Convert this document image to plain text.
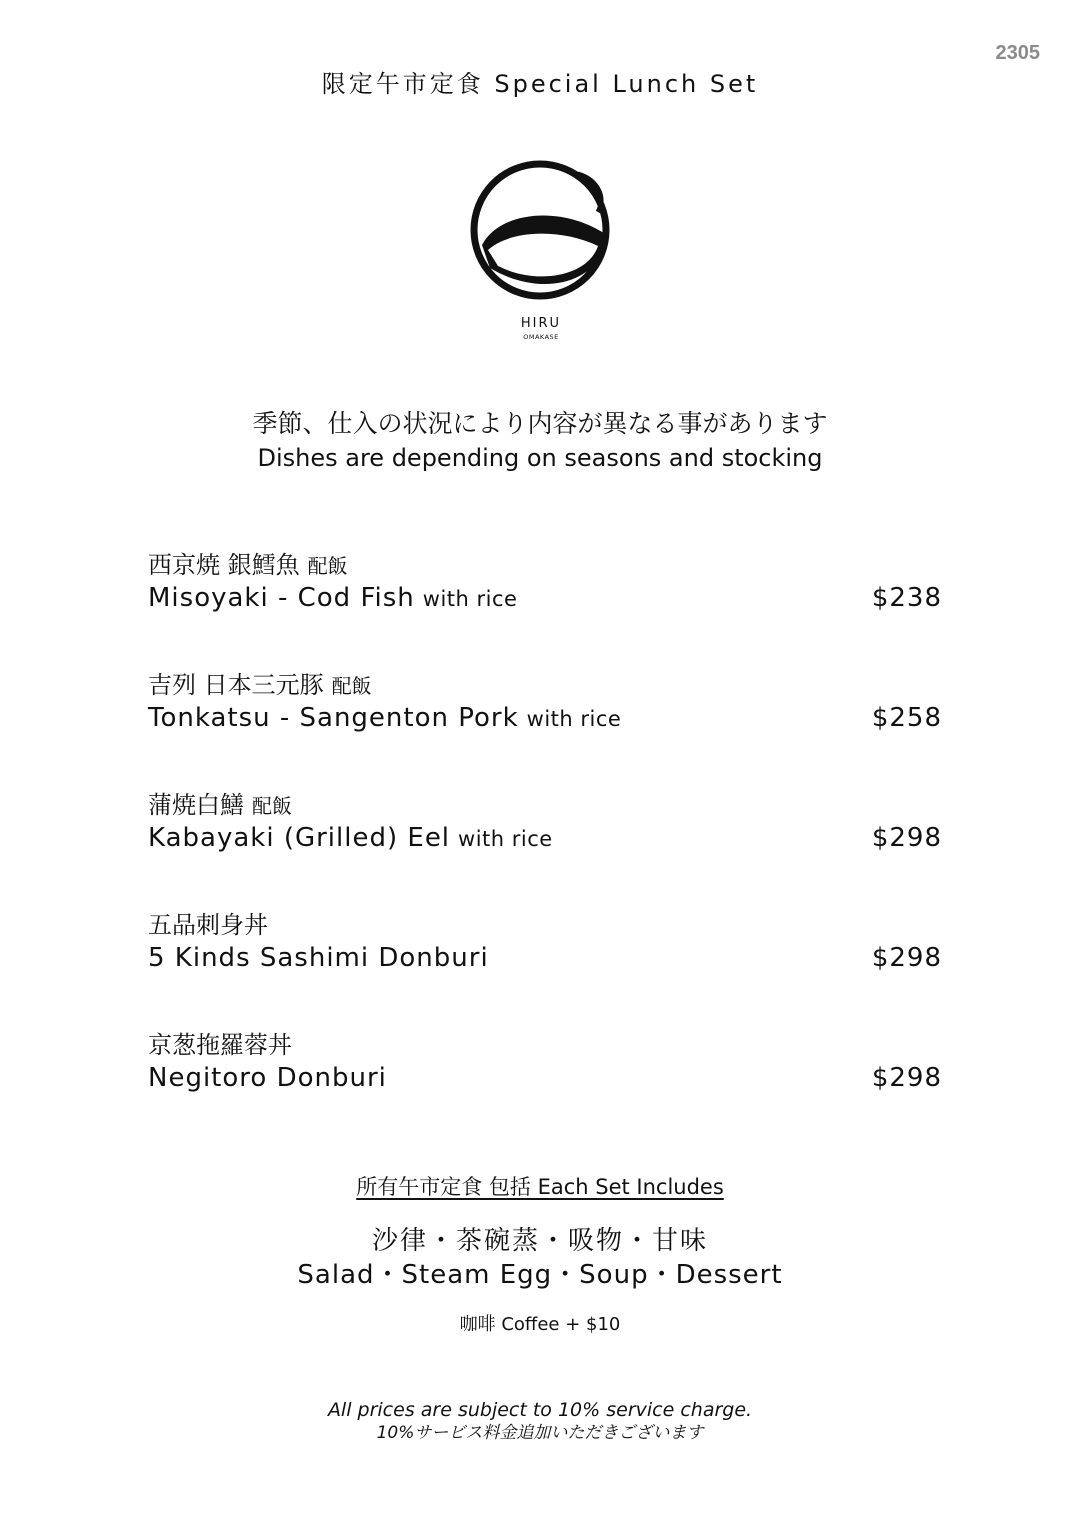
2305
限定午市定食 Special Lunch Set
HIRU
OMAKASE
季節、仕入の状況により内容が異なる事があります
Dishes are depending on seasons and stocking
西京焼 銀鱈魚 配飯
Misoyaki - Cod Fish with rice	$238
吉列 日本三元豚 配飯
Tonkatsu - Sangenton Pork with rice	$258
蒲焼白鱔 配飯
Kabayaki (Grilled) Eel with rice	$298
五品刺身丼
5 Kinds Sashimi Donburi	$298
京葱拖羅蓉丼
Negitoro Donburi	$298
所有午市定食 包括 Each Set Includes
沙律・茶碗蒸・吸物・甘味
Salad・Steam Egg・Soup・Dessert
咖啡 Coffee + $10
All prices are subject to 10% service charge.
10%サービス料金追加いただきございます
